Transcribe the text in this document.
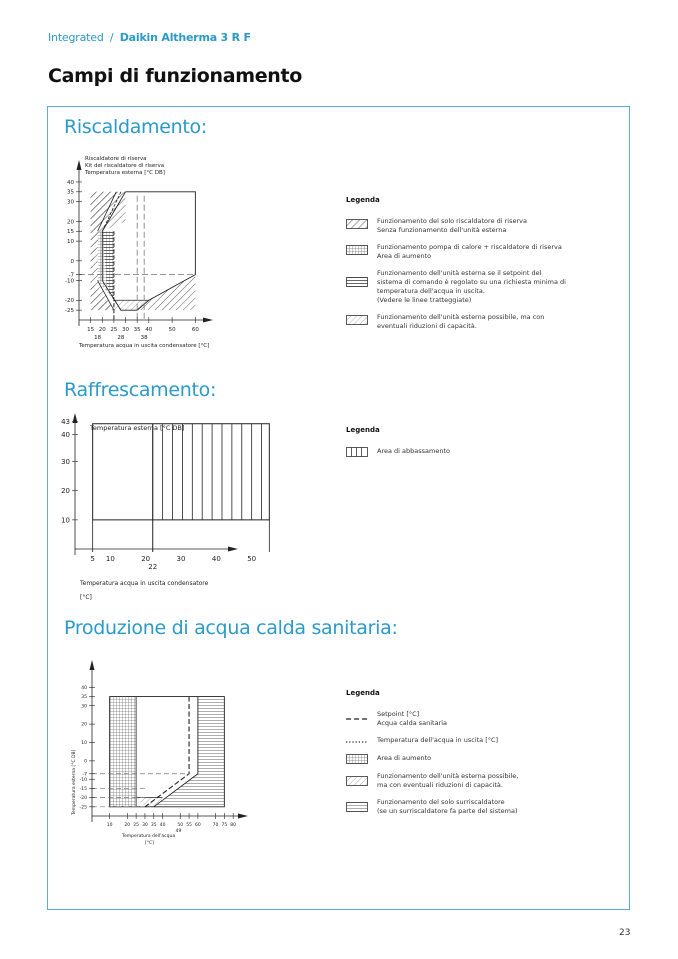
Integrated / Daikin Altherma 3 R F
Campi di funzionamento
Riscaldamento:
40
35
30
20
15
10
0
-7
-10
-20
-25
15 20 25 30 35 40	50	60
18	28	38
Riscaldatore di riserva
Kit del riscaldatore di riserva
Temperatura esterna [°C DB]
Temperatura acqua in uscita condensatore [°C]
Legenda
Funzionamento del solo riscaldatore di riserva
Senza funzionamento dell'unità esterna
Funzionamento pompa di calore + riscaldatore di riserva
Area di aumento
Funzionamento dell'unità esterna se il setpoint del
sistema di comando è regolato su una richiesta minima di
temperatura dell'acqua in uscita.
(Vedere le linee tratteggiate)
Funzionamento dell'unità esterna possibile, ma con
eventuali riduzioni di capacità.
Raffrescamento:
43
40
30
20
10
5 10	20
22
30	40	50
Temperatura esterna [°C DB]
Temperatura acqua in uscita condensatore
[°C]
Legenda
Area di abbassamento
Produzione di acqua calda sanitaria:
40
35
30
20
10
0
-7
-10
-15
-20
-25
10	20 25 30 35 40	50 55 60	70 75 80
49
Temperatura esterna [°C DB]
Temperatura dell'acqua
[°C]
Legenda
Setpoint [°C]
Acqua calda sanitaria
Temperatura dell'acqua in uscita [°C]
Area di aumento
Funzionamento dell'unità esterna possibile,
ma con eventuali riduzioni di capacità.
Funzionamento del solo surriscaldatore
(se un surriscaldatore fa parte del sistema)
23
